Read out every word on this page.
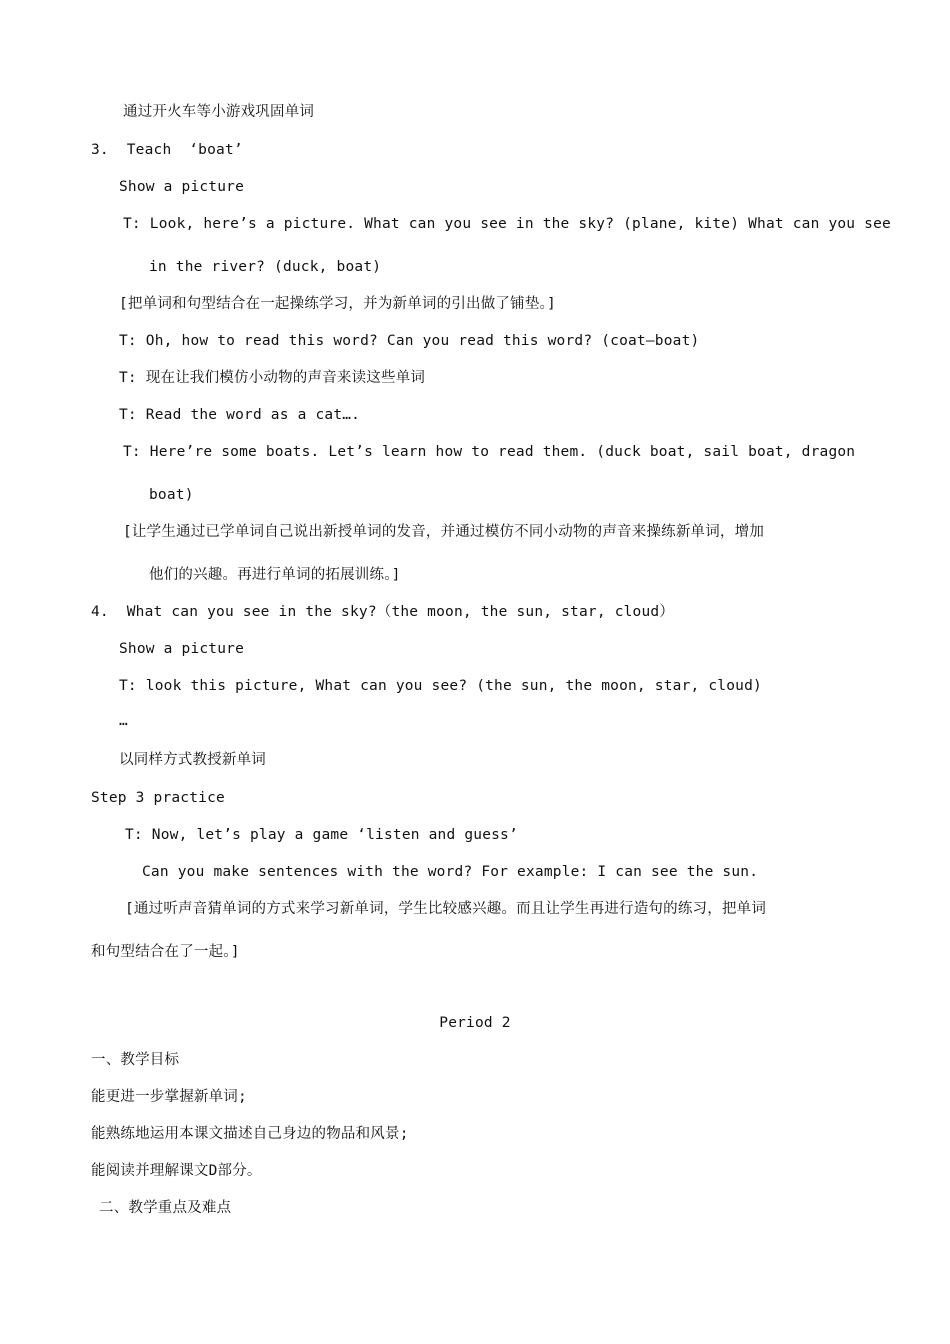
通过开火车等小游戏巩固单词
3.  Teach  ‘boat’
Show a picture
T: Look, here’s a picture. What can you see in the sky? (plane, kite) What can you see
in the river? (duck, boat)
[把单词和句型结合在一起操练学习，并为新单词的引出做了铺垫。]
T: Oh, how to read this word? Can you read this word? (coat—boat)
T: 现在让我们模仿小动物的声音来读这些单词
T: Read the word as a cat….
T: Here’re some boats. Let’s learn how to read them. (duck boat, sail boat, dragon
boat)
[让学生通过已学单词自己说出新授单词的发音，并通过模仿不同小动物的声音来操练新单词，增加
他们的兴趣。再进行单词的拓展训练。]
4.  What can you see in the sky?（the moon, the sun, star, cloud）
Show a picture
T: look this picture, What can you see? (the sun, the moon, star, cloud)
…
以同样方式教授新单词
Step 3 practice
T: Now, let’s play a game ‘listen and guess’
Can you make sentences with the word? For example: I can see the sun.
[通过听声音猜单词的方式来学习新单词，学生比较感兴趣。而且让学生再进行造句的练习，把单词
和句型结合在了一起。]
Period 2
一、教学目标
能更进一步掌握新单词;
能熟练地运用本课文描述自己身边的物品和风景;
能阅读并理解课文D部分。
二、教学重点及难点
